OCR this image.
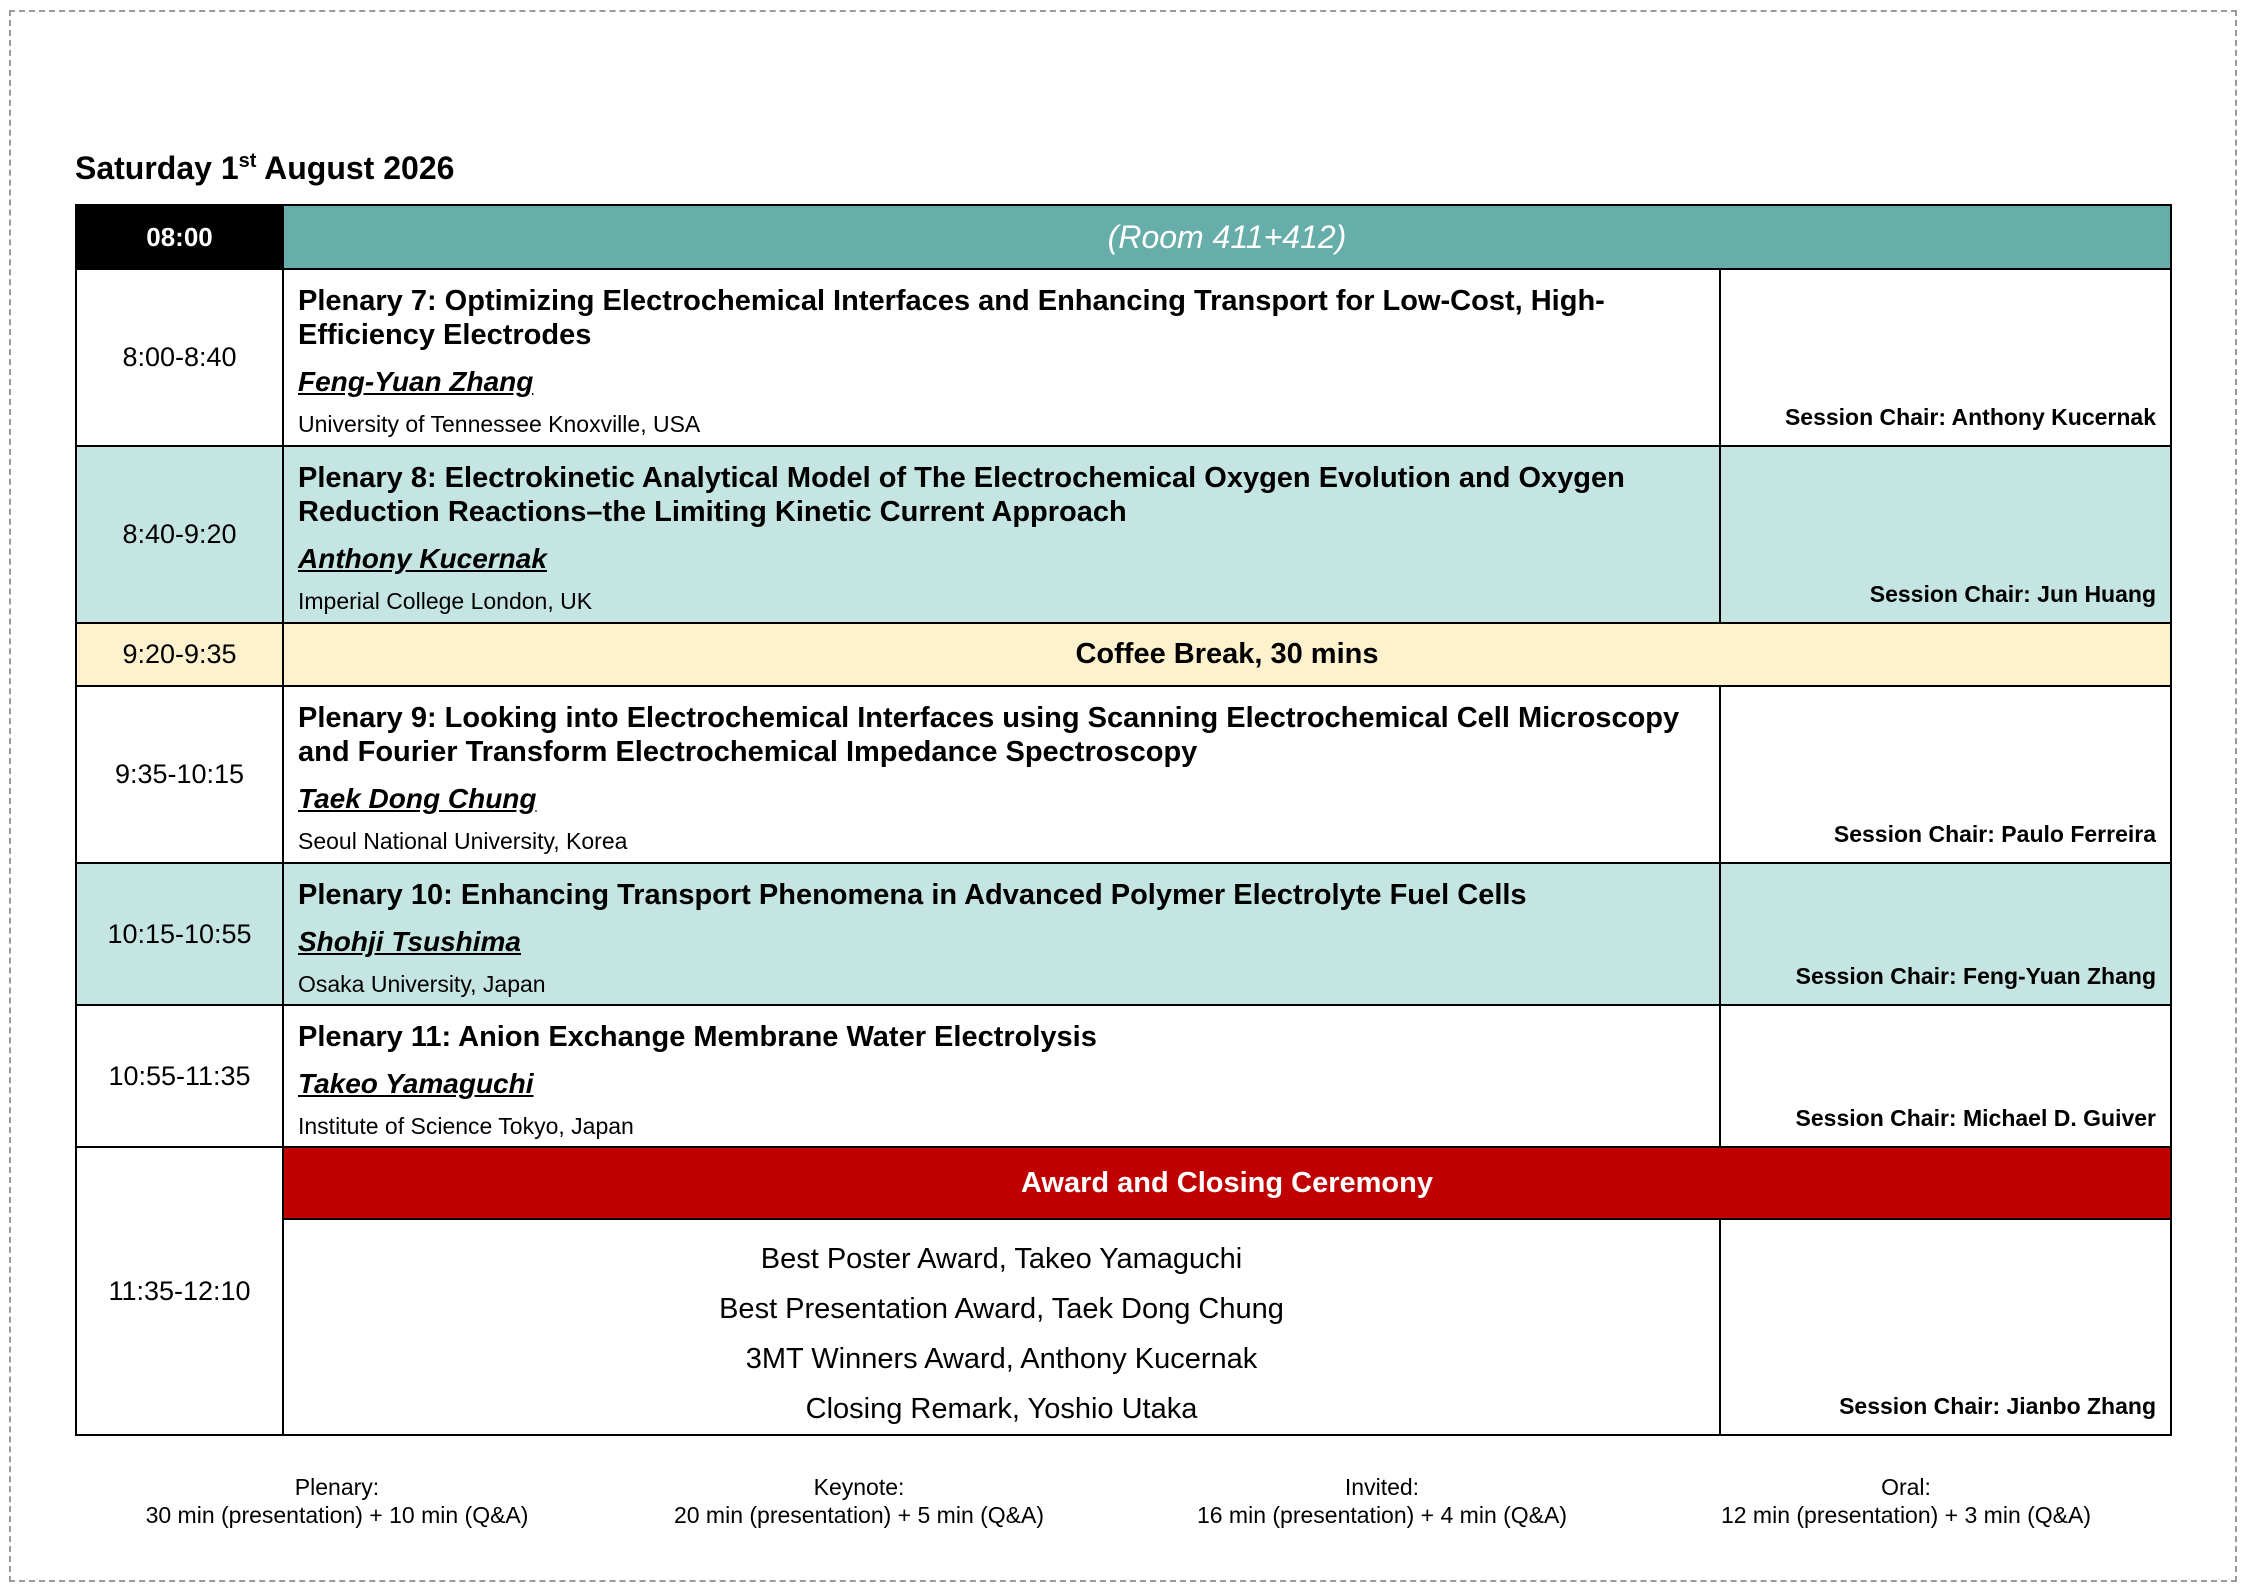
Saturday 1st August 2026
08:00	(Room 411+412)	
8:00-8:40	Plenary 7: Optimizing Electrochemical Interfaces and Enhancing Transport for Low-Cost, High-Efficiency Electrodes
Feng-Yuan Zhang
University of Tennessee Knoxville, USA	Session Chair: Anthony Kucernak
8:40-9:20	Plenary 8: Electrokinetic Analytical Model of The Electrochemical Oxygen Evolution and Oxygen Reduction Reactions–the Limiting Kinetic Current Approach
Anthony Kucernak
Imperial College London, UK	Session Chair: Jun Huang
9:20-9:35	Coffee Break, 30 mins	
9:35-10:15	Plenary 9: Looking into Electrochemical Interfaces using Scanning Electrochemical Cell Microscopy and Fourier Transform Electrochemical Impedance Spectroscopy
Taek Dong Chung
Seoul National University, Korea	Session Chair: Paulo Ferreira
10:15-10:55	Plenary 10: Enhancing Transport Phenomena in Advanced Polymer Electrolyte Fuel Cells
Shohji Tsushima
Osaka University, Japan	Session Chair: Feng-Yuan Zhang
10:55-11:35	Plenary 11: Anion Exchange Membrane Water Electrolysis
Takeo Yamaguchi
Institute of Science Tokyo, Japan	Session Chair: Michael D. Guiver
11:35-12:10	Award and Closing Ceremony	

	Best Poster Award, Takeo Yamaguchi
Best Presentation Award, Taek Dong Chung
3MT Winners Award, Anthony Kucernak
Closing Remark, Yoshio Utaka	Session Chair: Jianbo Zhang
Plenary:
30 min (presentation) + 10 min (Q&A)
Keynote:
20 min (presentation) + 5 min (Q&A)
Invited:
16 min (presentation) + 4 min (Q&A)
Oral:
12 min (presentation) + 3 min (Q&A)
